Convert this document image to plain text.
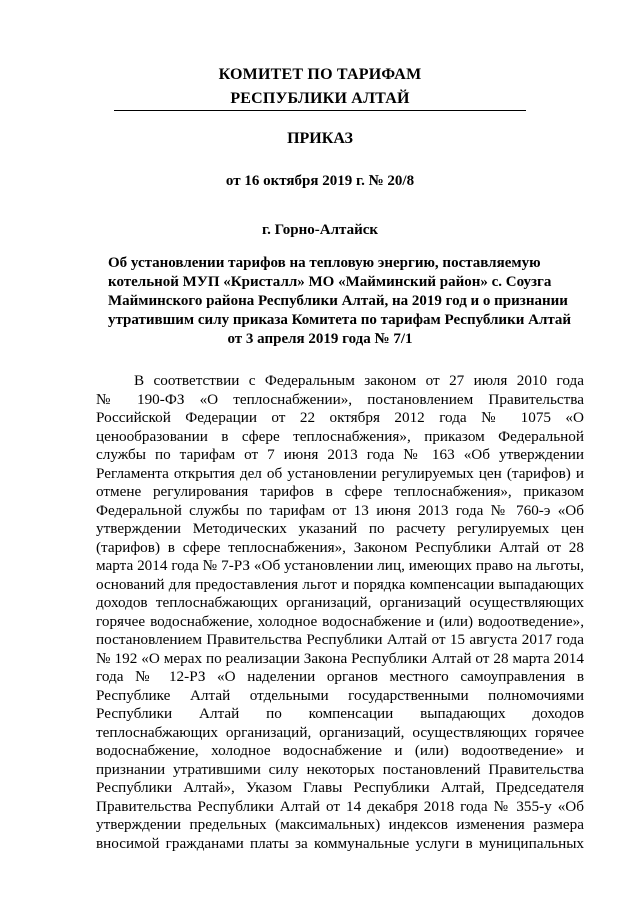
КОМИТЕТ ПО ТАРИФАМ
РЕСПУБЛИКИ АЛТАЙ
ПРИКАЗ
от 16 октября 2019 г. № 20/8
г. Горно-Алтайск
Об установлении тарифов на тепловую энергию, поставляемую
котельной МУП «Кристалл» МО «Майминский район» с. Соузга
Майминского района Республики Алтай, на 2019 год и о признании
утратившим силу приказа Комитета по тарифам Республики Алтай
от 3 апреля 2019 года № 7/1
В соответствии с Федеральным законом от 27 июля 2010 года
№ 190-ФЗ «О теплоснабжении», постановлением Правительства
Российской Федерации от 22 октября 2012 года № 1075 «О
ценообразовании в сфере теплоснабжения», приказом Федеральной
службы по тарифам от 7 июня 2013 года № 163 «Об утверждении
Регламента открытия дел об установлении регулируемых цен (тарифов) и
отмене регулирования тарифов в сфере теплоснабжения», приказом
Федеральной службы по тарифам от 13 июня 2013 года № 760-э «Об
утверждении Методических указаний по расчету регулируемых цен
(тарифов) в сфере теплоснабжения», Законом Республики Алтай от 28
марта 2014 года № 7-РЗ «Об установлении лиц, имеющих право на льготы,
оснований для предоставления льгот и порядка компенсации выпадающих
доходов теплоснабжающих организаций, организаций осуществляющих
горячее водоснабжение, холодное водоснабжение и (или) водоотведение»,
постановлением Правительства Республики Алтай от 15 августа 2017 года
№ 192 «О мерах по реализации Закона Республики Алтай от 28 марта 2014
года № 12-РЗ «О наделении органов местного самоуправления в
Республике Алтай отдельными государственными полномочиями
Республики Алтай по компенсации выпадающих доходов
теплоснабжающих организаций, организаций, осуществляющих горячее
водоснабжение, холодное водоснабжение и (или) водоотведение» и
признании утратившими силу некоторых постановлений Правительства
Республики Алтай», Указом Главы Республики Алтай, Председателя
Правительства Республики Алтай от 14 декабря 2018 года № 355-у «Об
утверждении предельных (максимальных) индексов изменения размера
вносимой гражданами платы за коммунальные услуги в муниципальных
